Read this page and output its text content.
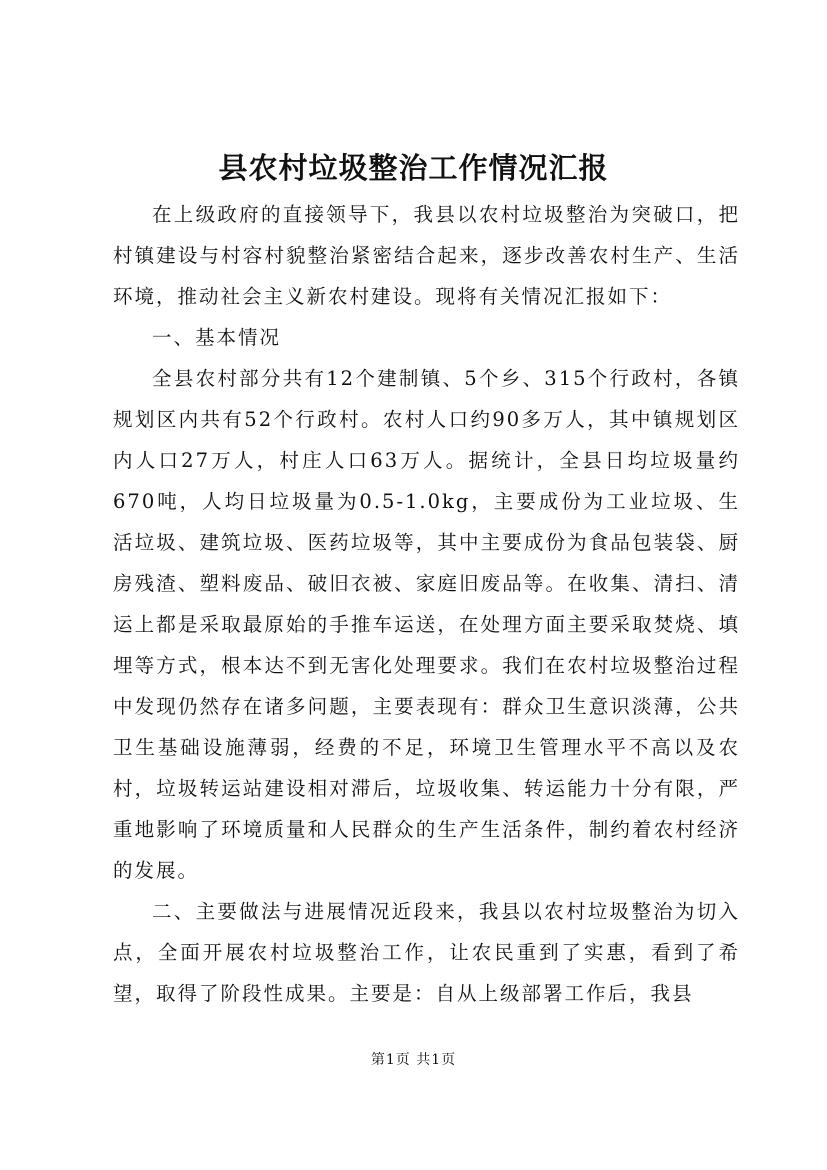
县农村垃圾整治工作情况汇报

在上级政府的直接领导下，我县以农村垃圾整治为突破口，把村镇建设与村容村貌整治紧密结合起来，逐步改善农村生产、生活环境，推动社会主义新农村建设。现将有关情况汇报如下：

一、基本情况

全县农村部分共有12个建制镇、5个乡、315个行政村，各镇规划区内共有52个行政村。农村人口约90多万人，其中镇规划区内人口27万人，村庄人口63万人。据统计，全县日均垃圾量约670吨，人均日垃圾量为0.5-1.0kg，主要成份为工业垃圾、生活垃圾、建筑垃圾、医药垃圾等，其中主要成份为食品包装袋、厨房残渣、塑料废品、破旧衣被、家庭旧废品等。在收集、清扫、清运上都是采取最原始的手推车运送，在处理方面主要采取焚烧、填埋等方式，根本达不到无害化处理要求。我们在农村垃圾整治过程中发现仍然存在诸多问题，主要表现有：群众卫生意识淡薄，公共卫生基础设施薄弱，经费的不足，环境卫生管理水平不高以及农村，垃圾转运站建设相对滞后，垃圾收集、转运能力十分有限，严重地影响了环境质量和人民群众的生产生活条件，制约着农村经济的发展。

二、主要做法与进展情况近段来，我县以农村垃圾整治为切入点，全面开展农村垃圾整治工作，让农民重到了实惠，看到了希望，取得了阶段性成果。主要是：自从上级部署工作后，我县

第1页 共1页
